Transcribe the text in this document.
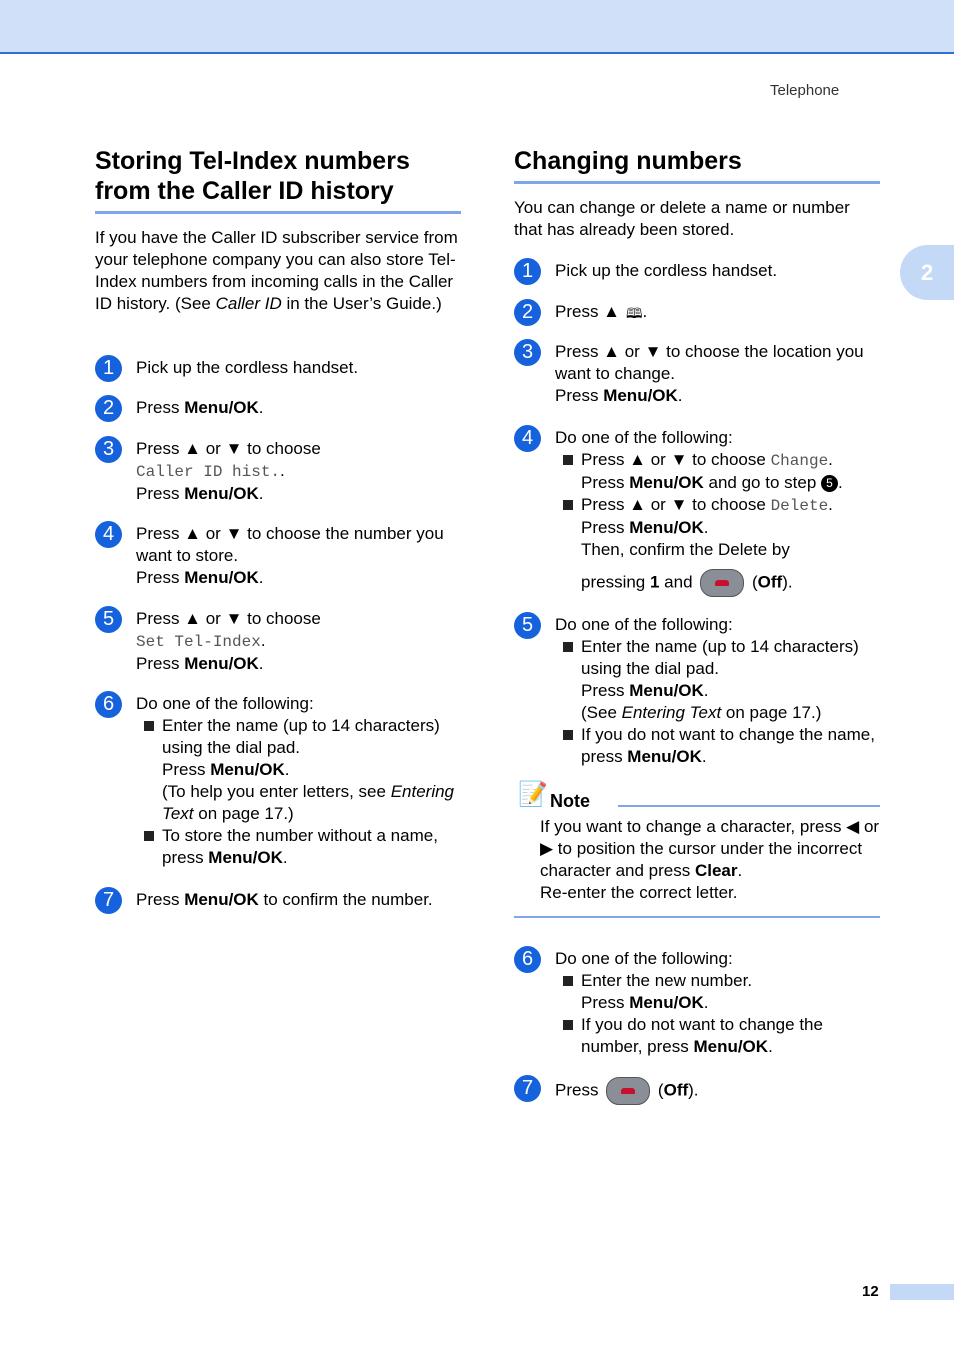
Telephone
2
Storing Tel-Index numbers
from the Caller ID history

If you have the Caller ID subscriber service from your telephone company you can also store Tel-Index numbers from incoming calls in the Caller ID history. (See Caller ID in the User’s Guide.)

1	Pick up the cordless handset.
2	Press Menu/OK.
3	Press ▲ or ▼ to choose
Caller ID hist..
Press Menu/OK.
4	Press ▲ or ▼ to choose the number you want to store.
Press Menu/OK.
5	Press ▲ or ▼ to choose
Set Tel-Index.
Press Menu/OK.
6	Do one of the following:
Enter the name (up to 14 characters) using the dial pad.
Press Menu/OK.
(To help you enter letters, see Entering Text on page 17.)
To store the number without a name, press Menu/OK.
7	Press Menu/OK to confirm the number.
Changing numbers

You can change or delete a name or number that has already been stored.

1	Pick up the cordless handset.
2	Press ▲ 🕮.
3	Press ▲ or ▼ to choose the location you want to change.
Press Menu/OK.
4	Do one of the following:
Press ▲ or ▼ to choose Change.
Press Menu/OK and go to step 5 .
Press ▲ or ▼ to choose Delete.
Press Menu/OK.
Then, confirm the Delete by
pressing 1 and	(Off).
5	Do one of the following:
Enter the name (up to 14 characters) using the dial pad.
Press Menu/OK.
(See Entering Text on page 17.)
If you do not want to change the name, press Menu/OK.
📝 Note
If you want to change a character, press ◀ or ▶ to position the cursor under the incorrect character and press Clear.
Re-enter the correct letter.
6	Do one of the following:
Enter the new number.
Press Menu/OK.
If you do not want to change the number, press Menu/OK.
7	Press	(Off).
12
